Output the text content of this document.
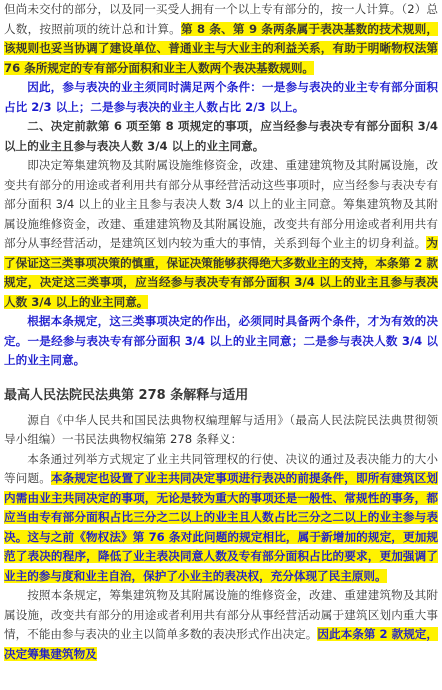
但尚未交付的部分，以及同一买受人拥有一个以上专有部分的，按一人计算。（2）总人数，按照前项的统计总和计算。第 8 条、第 9 条两条属于表决基数的技术规则，该规则也妥当协调了建设单位、普通业主与大业主的利益关系，有助于明晰物权法第 76 条所规定的专有部分面积和业主人数两个表决基数规则。

因此，参与表决的业主须同时满足两个条件：一是参与表决的业主专有部分面积占比 2/3 以上；二是参与表决的业主人数占比 2/3 以上。

二、决定前款第 6 项至第 8 项规定的事项，应当经参与表决专有部分面积 3/4 以上的业主且参与表决人数 3/4 以上的业主同意。

即决定筹集建筑物及其附属设施维修资金，改建、重建建筑物及其附属设施，改变共有部分的用途或者利用共有部分从事经营活动这些事项时，应当经参与表决专有部分面积 3/4 以上的业主且参与表决人数 3/4 以上的业主同意。筹集建筑物及其附属设施维修资金，改建、重建建筑物及其附属设施，改变共有部分用途或者利用共有部分从事经营活动，是建筑区划内较为重大的事情，关系到每个业主的切身利益。为了保证这三类事项决策的慎重，保证决策能够获得绝大多数业主的支持，本条第 2 款规定，决定这三类事项，应当经参与表决专有部分面积 3/4 以上的业主且参与表决人数 3/4 以上的业主同意。

根据本条规定，这三类事项决定的作出，必须同时具备两个条件，才为有效的决定。一是经参与表决专有部分面积 3/4 以上的业主同意；二是参与表决人数 3/4 以上的业主同意。

最高人民法院民法典第 278 条解释与适用

源自《中华人民共和国民法典物权编理解与适用》（最高人民法院民法典贯彻领导小组编）一书民法典物权编第 278 条释义：

本条通过列举方式规定了业主共同管理权的行使、决议的通过及表决能力的大小等问题。本条规定也设置了业主共同决定事项进行表决的前提条件，即所有建筑区划内需由业主共同决定的事项，无论是较为重大的事项还是一般性、常规性的事务，都应当由专有部分面积占比三分之二以上的业主且人数占比三分之二以上的业主参与表决。这与之前《物权法》第 76 条对此问题的规定相比，属于新增加的规定，更加规范了表决的程序，降低了业主表决同意人数及专有部分面积占比的要求，更加强调了业主的参与度和业主自治，保护了小业主的表决权，充分体现了民主原则。

按照本条规定，筹集建筑物及其附属设施的维修资金，改建、重建建筑物及其附属设施，改变共有部分的用途或者利用共有部分从事经营活动属于建筑区划内重大事情，不能由参与表决的业主以简单多数的表决形式作出决定。因此本条第 2 款规定，决定筹集建筑物及
